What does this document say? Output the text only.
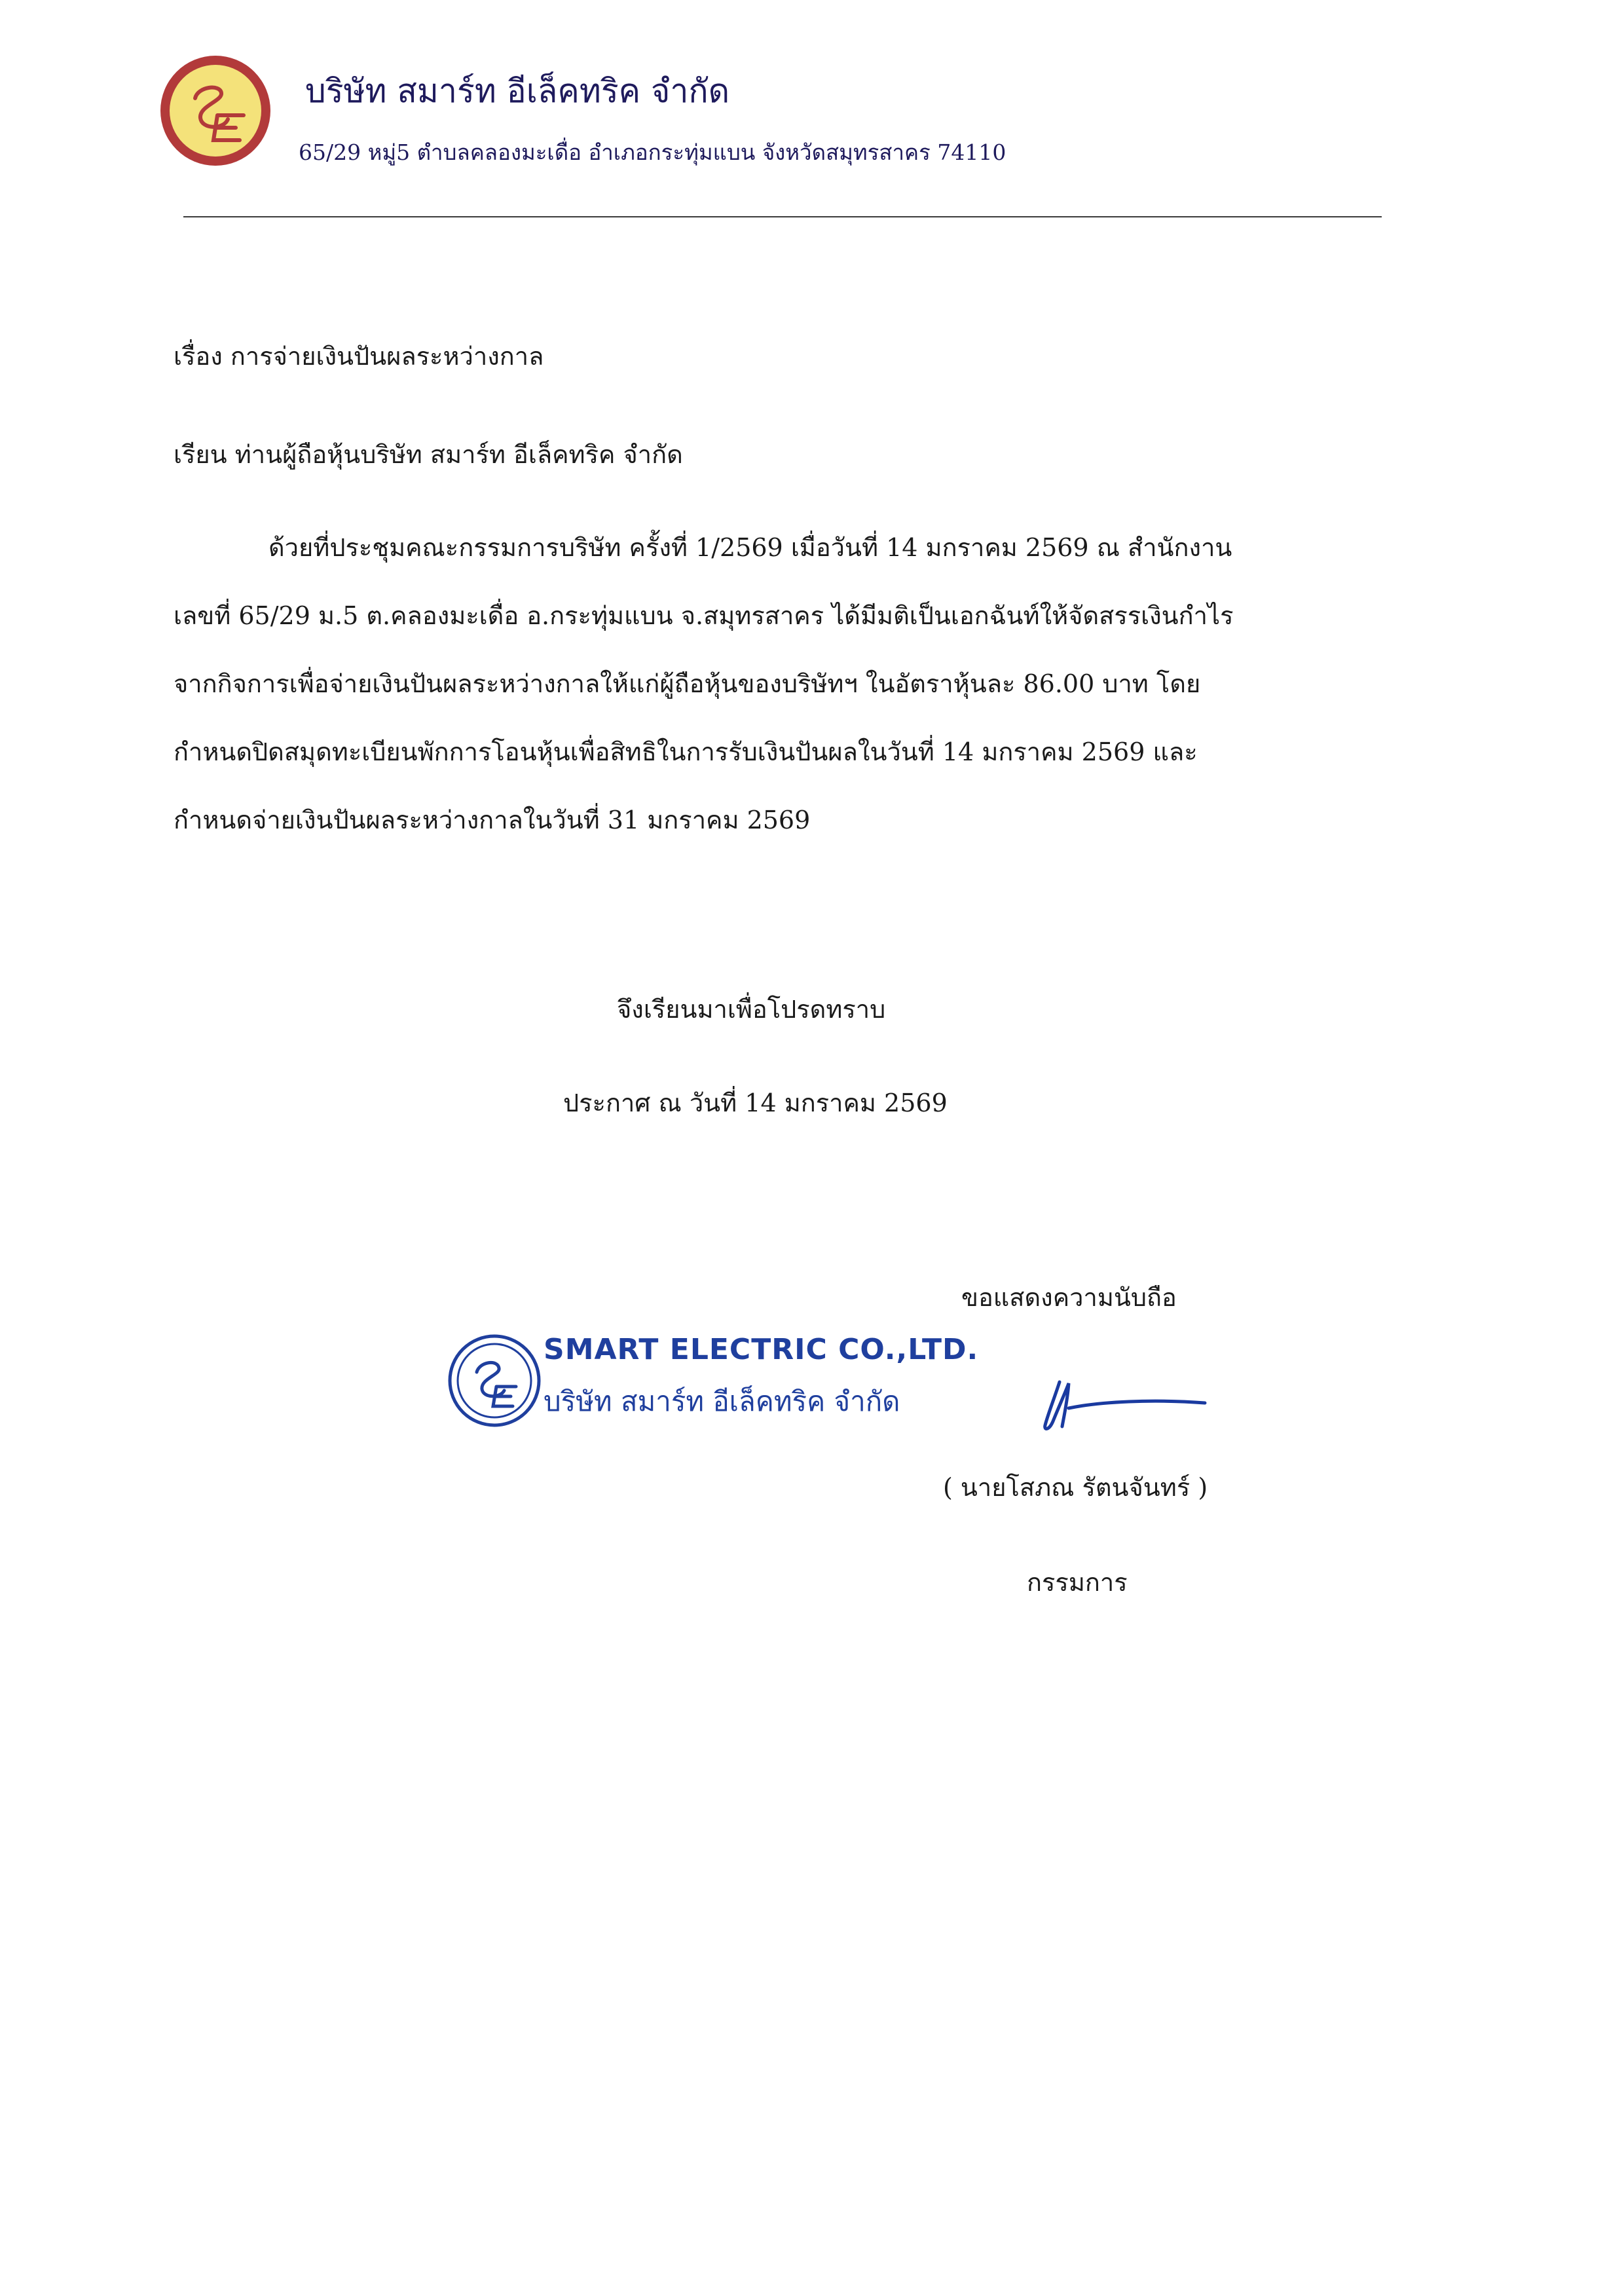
บริษัท สมาร์ท อีเล็คทริค จำกัด

65/29 หมู่5 ตำบลคลองมะเดื่อ อำเภอกระทุ่มแบน จังหวัดสมุทรสาคร 74110

เรื่อง การจ่ายเงินปันผลระหว่างกาล

เรียน ท่านผู้ถือหุ้นบริษัท สมาร์ท อีเล็คทริค จำกัด

ด้วยที่ประชุมคณะกรรมการบริษัท ครั้งที่ 1/2569 เมื่อวันที่ 14 มกราคม 2569 ณ สำนักงาน
เลขที่ 65/29 ม.5 ต.คลองมะเดื่อ อ.กระทุ่มแบน จ.สมุทรสาคร ได้มีมติเป็นเอกฉันท์ให้จัดสรรเงินกำไร
จากกิจการเพื่อจ่ายเงินปันผลระหว่างกาลให้แก่ผู้ถือหุ้นของบริษัทฯ ในอัตราหุ้นละ 86.00 บาท โดย
กำหนดปิดสมุดทะเบียนพักการโอนหุ้นเพื่อสิทธิในการรับเงินปันผลในวันที่ 14 มกราคม 2569 และ
กำหนดจ่ายเงินปันผลระหว่างกาลในวันที่ 31 มกราคม 2569

จึงเรียนมาเพื่อโปรดทราบ

ประกาศ ณ วันที่ 14 มกราคม 2569

ขอแสดงความนับถือ

SMART ELECTRIC CO.,LTD.
บริษัท สมาร์ท อีเล็คทริค จำกัด

( นายโสภณ รัตนจันทร์ )

กรรมการ
